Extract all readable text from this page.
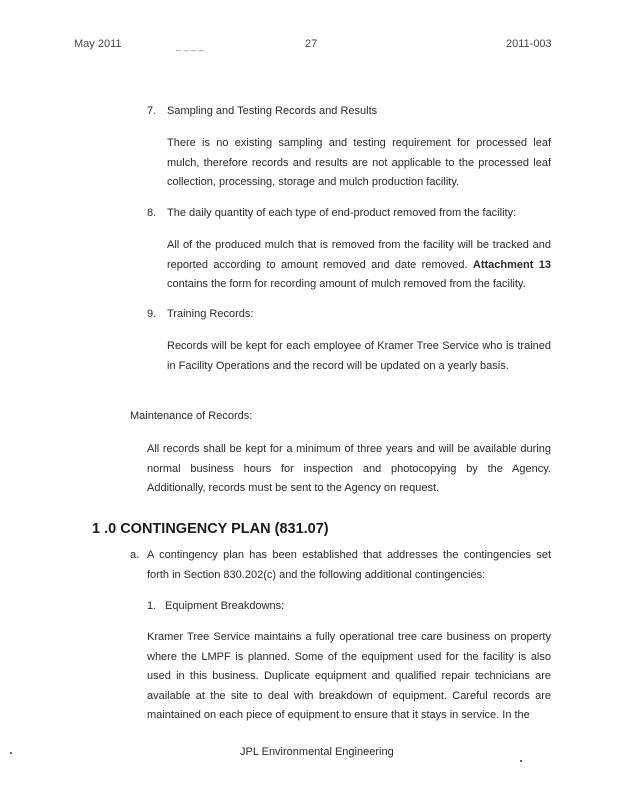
May 2011	_ _ _ _	27	2011-003
7. Sampling and Testing Records and Results

There is no existing sampling and testing requirement for processed leaf mulch, therefore records and results are not applicable to the processed leaf collection, processing, storage and mulch production facility.

8. The daily quantity of each type of end-product removed from the facility:

All of the produced mulch that is removed from the facility will be tracked and reported according to amount removed and date removed. Attachment 13 contains the form for recording amount of mulch removed from the facility.

9. Training Records:

Records will be kept for each employee of Kramer Tree Service who is trained in Facility Operations and the record will be updated on a yearly basis.

Maintenance of Records:

All records shall be kept for a minimum of three years and will be available during normal business hours for inspection and photocopying by the Agency. Additionally, records must be sent to the Agency on request.

1 .0 CONTINGENCY PLAN (831.07)
a. A contingency plan has been established that addresses the contingencies set forth in Section 830.202(c) and the following additional contingencies:

1. Equipment Breakdowns:

Kramer Tree Service maintains a fully operational tree care business on property where the LMPF is planned. Some of the equipment used for the facility is also used in this business. Duplicate equipment and qualified repair technicians are available at the site to deal with breakdown of equipment. Careful records are maintained on each piece of equipment to ensure that it stays in service. In the

JPL Environmental Engineering
